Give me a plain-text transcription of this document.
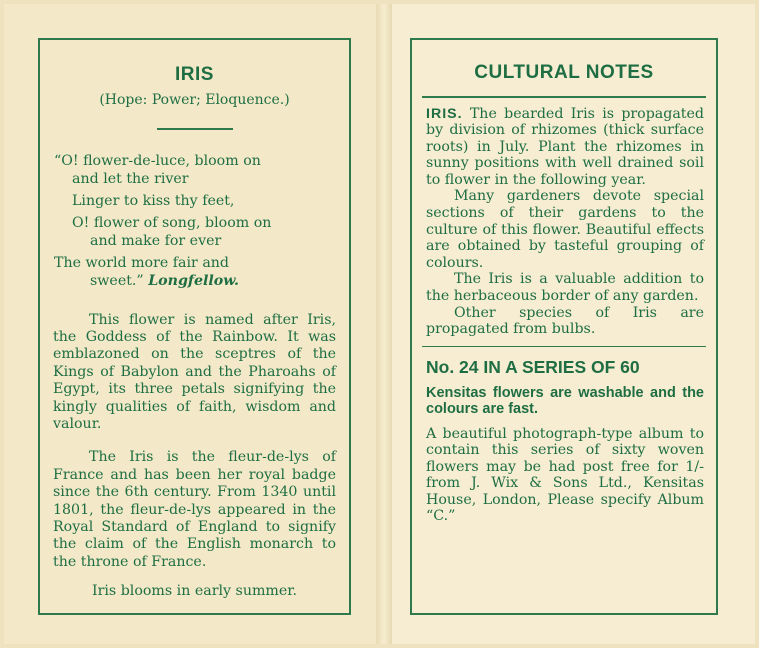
IRIS
(Hope: Power; Eloquence.)
“O! flower-de-luce, bloom on
and let the river
Linger to kiss thy feet,
O! flower of song, bloom on
and make for ever
The world more fair and
sweet.” Longfellow.
This flower is named after Iris, the Goddess of the Rainbow. It was emblazoned on the sceptres of the Kings of Babylon and the Pharoahs of Egypt, its three petals signifying the kingly qualities of faith, wisdom and valour.
The Iris is the fleur-de-lys of France and has been her royal badge since the 6th century. From 1340 until 1801, the fleur-de-lys appeared in the Royal Standard of England to signify the claim of the English monarch to the throne of France.
Iris blooms in early summer.
CULTURAL NOTES
IRIS. The bearded Iris is propagated by division of rhizomes (thick surface roots) in July. Plant the rhizomes in sunny positions with well drained soil to flower in the following year.
Many gardeners devote special sections of their gardens to the culture of this flower. Beautiful effects are obtained by tasteful grouping of colours.
The Iris is a valuable addition to the herbaceous border of any garden.
Other species of Iris are propagated from bulbs.
No. 24 IN A SERIES OF 60
Kensitas flowers are washable and the colours are fast.
A beautiful photograph-type album to contain this series of sixty woven flowers may be had post free for 1/- from J. Wix & Sons Ltd., Kensitas House, London, Please specify Album “C.”
